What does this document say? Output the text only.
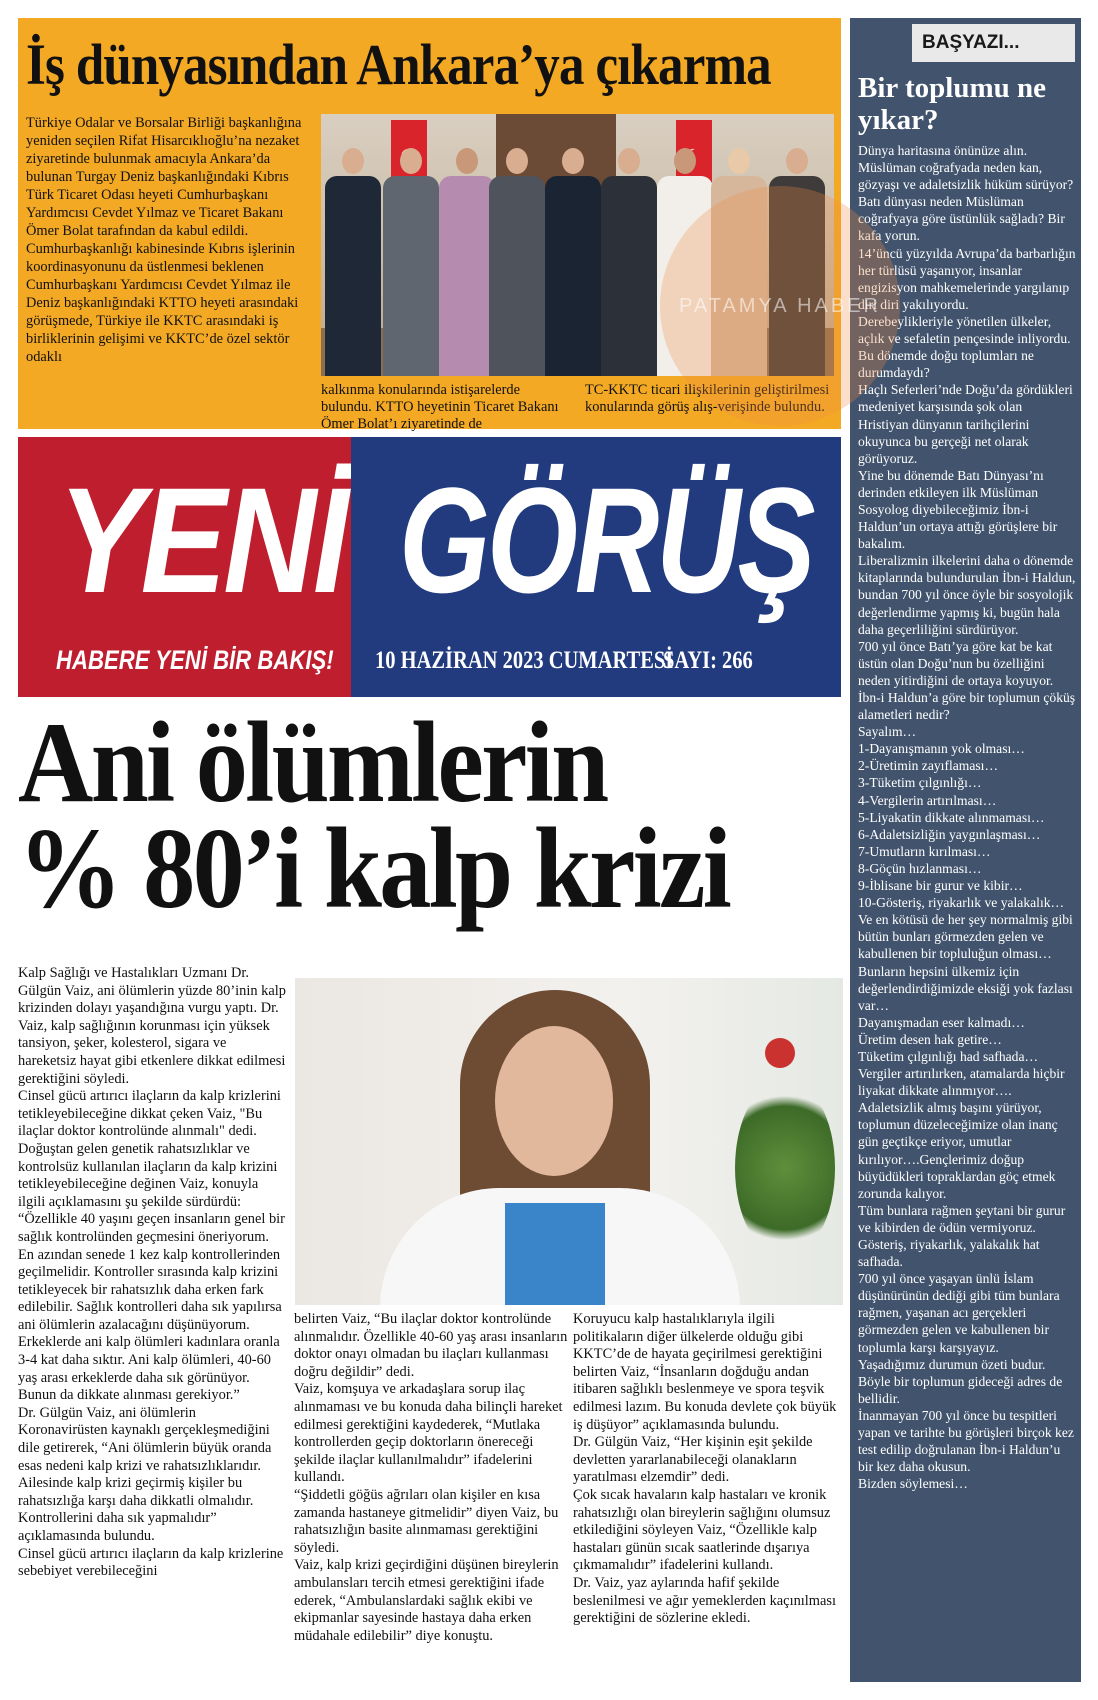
İş dünyasından Ankara’ya çıkarma
Türkiye Odalar ve Borsalar Birliği başkanlığına yeniden seçilen Rifat Hisarcıklıoğlu’na nezaket ziyaretinde bulunmak amacıyla Ankara’da bulunan Turgay Deniz başkanlığındaki Kıbrıs Türk Ticaret Odası heyeti Cumhurbaşkanı Yardımcısı Cevdet Yılmaz ve Ticaret Bakanı Ömer Bolat tarafından da kabul edildi. Cumhurbaşkanlığı kabinesinde Kıbrıs işlerinin koordinasyonunu da üstlenmesi beklenen Cumhurbaşkanı Yardımcısı Cevdet Yılmaz ile Deniz başkanlığındaki KTTO heyeti arasındaki görüşmede, Türkiye ile KKTC arasındaki iş birliklerinin gelişimi ve KKTC’de özel sektör odaklı
☾
☾
kalkınma konularında istişarelerde bulundu. KTTO heyetinin Ticaret Bakanı Ömer Bolat’ı ziyaretinde de
TC-KKTC ticari ilişkilerinin geliştirilmesi konularında görüş alış-verişinde bulundu.
YENİ
HABERE YENİ BİR BAKIŞ!
GÖRÜŞ
10 HAZİRAN 2023 CUMARTESİ
SAYI: 266
Ani ölümlerin
% 80’i kalp krizi

Kalp Sağlığı ve Hastalıkları Uzmanı Dr. Gülgün Vaiz, ani ölümlerin yüzde 80’inin kalp krizinden dolayı yaşandığına vurgu yaptı. Dr. Vaiz, kalp sağlığının korunması için yüksek tansiyon, şeker, kolesterol, sigara ve hareketsiz hayat gibi etkenlere dikkat edilmesi gerektiğini söyledi.

Cinsel gücü artırıcı ilaçların da kalp krizlerini tetikleyebileceğine dikkat çeken Vaiz, "Bu ilaçlar doktor kontrolünde alınmalı" dedi.

Doğuştan gelen genetik rahatsızlıklar ve kontrolsüz kullanılan ilaçların da kalp krizini tetikleyebileceğine değinen Vaiz, konuyla ilgili açıklamasını şu şekilde sürdürdü:

“Özellikle 40 yaşını geçen insanların genel bir sağlık kontrolünden geçmesini öneriyorum. En azından senede 1 kez kalp kontrollerinden geçilmelidir. Kontroller sırasında kalp krizini tetikleyecek bir rahatsızlık daha erken fark edilebilir. Sağlık kontrolleri daha sık yapılırsa ani ölümlerin azalacağını düşünüyorum. Erkeklerde ani kalp ölümleri kadınlara oranla 3-4 kat daha sıktır. Ani kalp ölümleri, 40-60 yaş arası erkeklerde daha sık görünüyor. Bunun da dikkate alınması gerekiyor.”

Dr. Gülgün Vaiz, ani ölümlerin Koronavirüsten kaynaklı gerçekleşmediğini dile getirerek, “Ani ölümlerin büyük oranda esas nedeni kalp krizi ve rahatsızlıklarıdır. Ailesinde kalp krizi geçirmiş kişiler bu rahatsızlığa karşı daha dikkatli olmalıdır. Kontrollerini daha sık yapmalıdır” açıklamasında bulundu.

Cinsel gücü artırıcı ilaçların da kalp krizlerine sebebiyet verebileceğini

belirten Vaiz, “Bu ilaçlar doktor kontrolünde alınmalıdır. Özellikle 40-60 yaş arası insanların doktor onayı olmadan bu ilaçları kullanması doğru değildir” dedi.

Vaiz, komşuya ve arkadaşlara sorup ilaç alınmaması ve bu konuda daha bilinçli hareket edilmesi gerektiğini kaydederek, “Mutlaka kontrollerden geçip doktorların önereceği şekilde ilaçlar kullanılmalıdır” ifadelerini kullandı.

“Şiddetli göğüs ağrıları olan kişiler en kısa zamanda hastaneye gitmelidir” diyen Vaiz, bu rahatsızlığın basite alınmaması gerektiğini söyledi.

Vaiz, kalp krizi geçirdiğini düşünen bireylerin ambulansları tercih etmesi gerektiğini ifade ederek, “Ambulanslardaki sağlık ekibi ve ekipmanlar sayesinde hastaya daha erken müdahale edilebilir” diye konuştu.

Koruyucu kalp hastalıklarıyla ilgili politikaların diğer ülkelerde olduğu gibi KKTC’de de hayata geçirilmesi gerektiğini belirten Vaiz, “İnsanların doğduğu andan itibaren sağlıklı beslenmeye ve spora teşvik edilmesi lazım. Bu konuda devlete çok büyük iş düşüyor” açıklamasında bulundu.

Dr. Gülgün Vaiz, “Her kişinin eşit şekilde devletten yararlanabileceği olanakların yaratılması elzemdir” dedi.

Çok sıcak havaların kalp hastaları ve kronik rahatsızlığı olan bireylerin sağlığını olumsuz etkilediğini söyleyen Vaiz, “Özellikle kalp hastaları günün sıcak saatlerinde dışarıya çıkmamalıdır” ifadelerini kullandı.

Dr. Vaiz, yaz aylarında hafif şekilde beslenilmesi ve ağır yemeklerden kaçınılması gerektiğini de sözlerine ekledi.

BAŞYAZI...
Bir toplumu ne yıkar?

Dünya haritasına önünüze alın. Müslüman coğrafyada neden kan, gözyaşı ve adaletsizlik hüküm sürüyor? Batı dünyası neden Müslüman coğrafyaya göre üstünlük sağladı? Bir kafa yorun.

14’üncü yüzyılda Avrupa’da barbarlığın her türlüsü yaşanıyor, insanlar engizisyon mahkemelerinde yargılanıp diri diri yakılıyordu.

Derebeylikleriyle yönetilen ülkeler, açlık ve sefaletin pençesinde inliyordu.

Bu dönemde doğu toplumları ne durumdaydı?

Haçlı Seferleri’nde Doğu’da gördükleri medeniyet karşısında şok olan Hristiyan dünyanın tarihçilerini okuyunca bu gerçeği net olarak görüyoruz.

Yine bu dönemde Batı Dünyası’nı derinden etkileyen ilk Müslüman Sosyolog diyebileceğimiz İbn-i Haldun’un ortaya attığı görüşlere bir bakalım.

Liberalizmin ilkelerini daha o dönemde kitaplarında bulundurulan İbn-i Haldun, bundan 700 yıl önce öyle bir sosyolojik değerlendirme yapmış ki, bugün hala daha geçerliliğini sürdürüyor.

700 yıl önce Batı’ya göre kat be kat üstün olan Doğu’nun bu özelliğini neden yitirdiğini de ortaya koyuyor.

İbn-i Haldun’a göre bir toplumun çöküş alametleri nedir?

Sayalım…

1-Dayanışmanın yok olması…

2-Üretimin zayıflaması…

3-Tüketim çılgınlığı…

4-Vergilerin artırılması…

5-Liyakatin dikkate alınmaması…

6-Adaletsizliğin yaygınlaşması…

7-Umutların kırılması…

8-Göçün hızlanması…

9-İblisane bir gurur ve kibir…

10-Gösteriş, riyakarlık ve yalakalık…

Ve en kötüsü de her şey normalmiş gibi bütün bunları görmezden gelen ve kabullenen bir topluluğun olması…

Bunların hepsini ülkemiz için değerlendirdiğimizde eksiği yok fazlası var…

Dayanışmadan eser kalmadı…

Üretim desen hak getire…

Tüketim çılgınlığı had safhada…

Vergiler artırılırken, atamalarda hiçbir liyakat dikkate alınmıyor….

Adaletsizlik almış başını yürüyor, toplumun düzeleceğimize olan inanç gün geçtikçe eriyor, umutlar kırılıyor….Gençlerimiz doğup büyüdükleri topraklardan göç etmek zorunda kalıyor.

Tüm bunlara rağmen şeytani bir gurur ve kibirden de ödün vermiyoruz. Gösteriş, riyakarlık, yalakalık hat safhada.

700 yıl önce yaşayan ünlü İslam düşünürünün dediği gibi tüm bunlara rağmen, yaşanan acı gerçekleri görmezden gelen ve kabullenen bir toplumla karşı karşıyayız.

Yaşadığımız durumun özeti budur.

Böyle bir toplumun gideceği adres de bellidir.

İnanmayan 700 yıl önce bu tespitleri yapan ve tarihte bu görüşleri birçok kez test edilip doğrulanan İbn-i Haldun’u bir kez daha okusun.

Bizden söylemesi…

PATAMYA HABER
